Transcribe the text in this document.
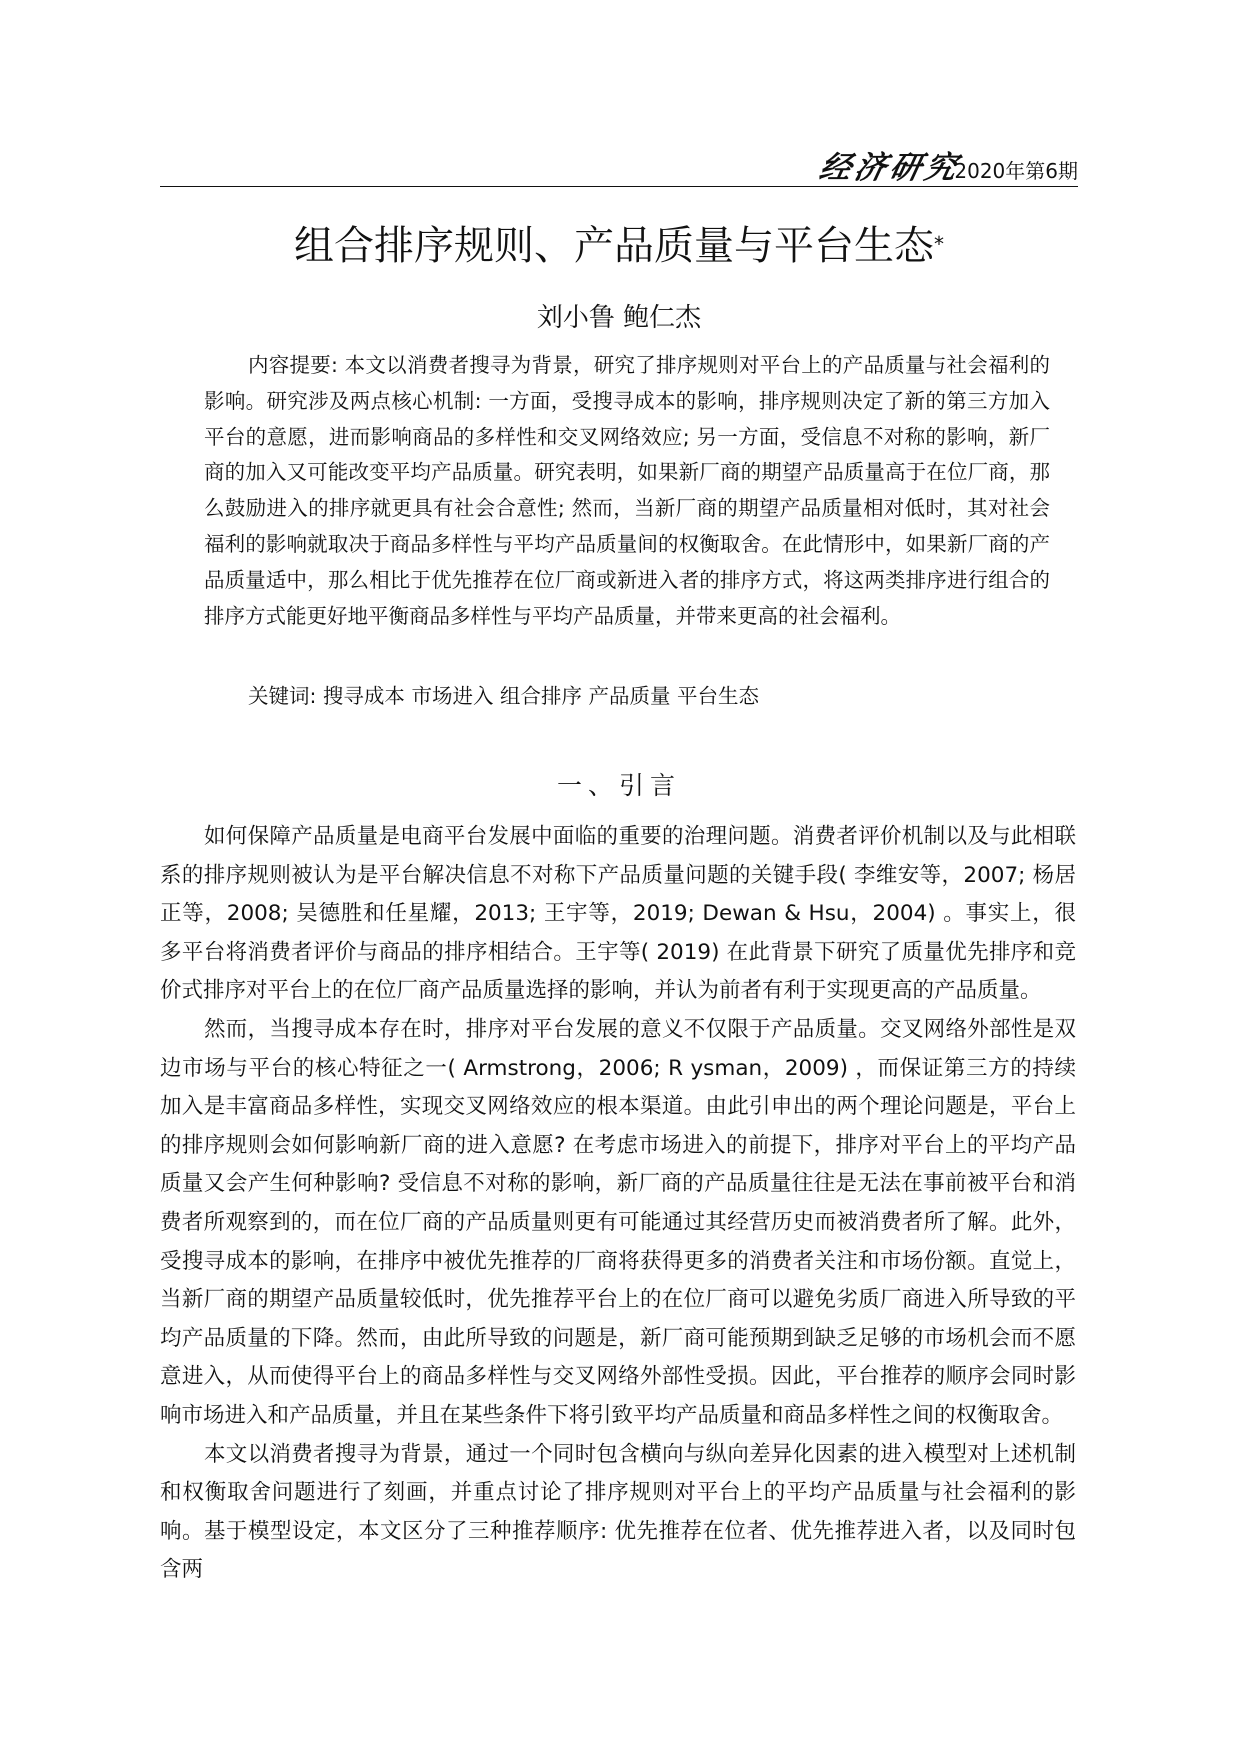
经济研究
2020年第6期
组合排序规则、产品质量与平台生态*
刘小鲁 鲍仁杰

内容提要: 本文以消费者搜寻为背景，研究了排序规则对平台上的产品质量与社会福利的影响。研究涉及两点核心机制: 一方面，受搜寻成本的影响，排序规则决定了新的第三方加入平台的意愿，进而影响商品的多样性和交叉网络效应; 另一方面，受信息不对称的影响，新厂商的加入又可能改变平均产品质量。研究表明，如果新厂商的期望产品质量高于在位厂商，那么鼓励进入的排序就更具有社会合意性; 然而，当新厂商的期望产品质量相对低时，其对社会福利的影响就取决于商品多样性与平均产品质量间的权衡取舍。在此情形中，如果新厂商的产品质量适中，那么相比于优先推荐在位厂商或新进入者的排序方式，将这两类排序进行组合的排序方式能更好地平衡商品多样性与平均产品质量，并带来更高的社会福利。

关键词: 搜寻成本 市场进入 组合排序 产品质量 平台生态
一、引言

如何保障产品质量是电商平台发展中面临的重要的治理问题。消费者评价机制以及与此相联系的排序规则被认为是平台解决信息不对称下产品质量问题的关键手段( 李维安等，2007; 杨居正等，2008; 吴德胜和任星耀，2013; 王宇等，2019; Dewan & Hsu，2004) 。事实上，很多平台将消费者评价与商品的排序相结合。王宇等( 2019) 在此背景下研究了质量优先排序和竞价式排序对平台上的在位厂商产品质量选择的影响，并认为前者有利于实现更高的产品质量。

然而，当搜寻成本存在时，排序对平台发展的意义不仅限于产品质量。交叉网络外部性是双边市场与平台的核心特征之一( Armstrong，2006; R ysman，2009) ，而保证第三方的持续加入是丰富商品多样性，实现交叉网络效应的根本渠道。由此引申出的两个理论问题是，平台上的排序规则会如何影响新厂商的进入意愿? 在考虑市场进入的前提下，排序对平台上的平均产品质量又会产生何种影响? 受信息不对称的影响，新厂商的产品质量往往是无法在事前被平台和消费者所观察到的，而在位厂商的产品质量则更有可能通过其经营历史而被消费者所了解。此外，受搜寻成本的影响，在排序中被优先推荐的厂商将获得更多的消费者关注和市场份额。直觉上，当新厂商的期望产品质量较低时，优先推荐平台上的在位厂商可以避免劣质厂商进入所导致的平均产品质量的下降。然而，由此所导致的问题是，新厂商可能预期到缺乏足够的市场机会而不愿意进入，从而使得平台上的商品多样性与交叉网络外部性受损。因此，平台推荐的顺序会同时影响市场进入和产品质量，并且在某些条件下将引致平均产品质量和商品多样性之间的权衡取舍。

本文以消费者搜寻为背景，通过一个同时包含横向与纵向差异化因素的进入模型对上述机制和权衡取舍问题进行了刻画，并重点讨论了排序规则对平台上的平均产品质量与社会福利的影响。基于模型设定，本文区分了三种推荐顺序: 优先推荐在位者、优先推荐进入者，以及同时包含两
